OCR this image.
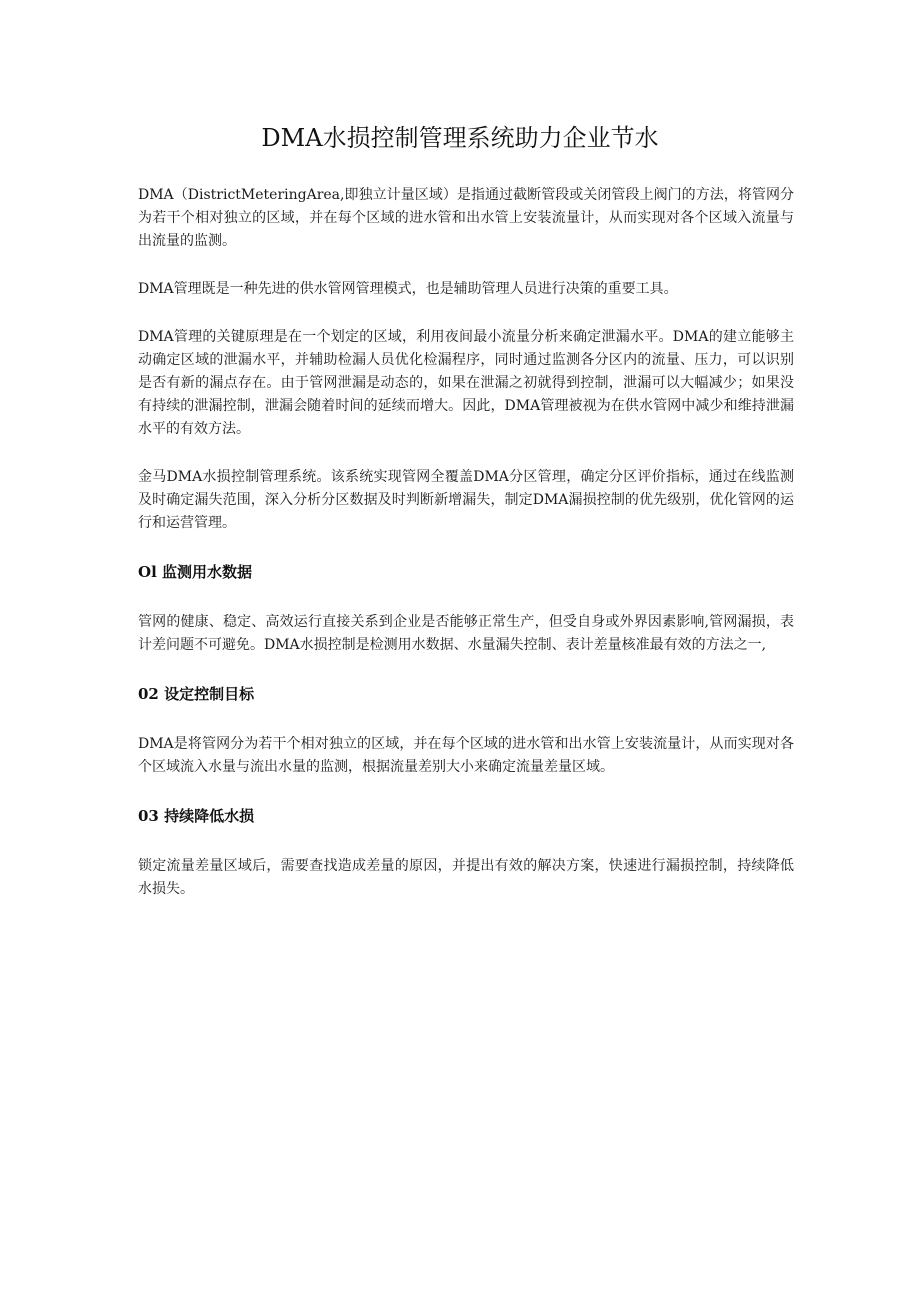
DMA水损控制管理系统助力企业节水

DMA（DistrictMeteringArea,即独立计量区域）是指通过截断管段或关闭管段上阀门的方法，将管网分为若干个相对独立的区域，并在每个区域的进水管和出水管上安装流量计，从而实现对各个区域入流量与出流量的监测。

DMA管理既是一种先进的供水管网管理模式，也是辅助管理人员进行决策的重要工具。

DMA管理的关键原理是在一个划定的区域，利用夜间最小流量分析来确定泄漏水平。DMA的建立能够主动确定区域的泄漏水平，并辅助检漏人员优化检漏程序，同时通过监测各分区内的流量、压力，可以识别是否有新的漏点存在。由于管网泄漏是动态的，如果在泄漏之初就得到控制，泄漏可以大幅减少；如果没有持续的泄漏控制，泄漏会随着时间的延续而增大。因此，DMA管理被视为在供水管网中减少和维持泄漏水平的有效方法。

金马DMA水损控制管理系统。该系统实现管网全覆盖DMA分区管理，确定分区评价指标，通过在线监测及时确定漏失范围，深入分析分区数据及时判断新增漏失，制定DMA漏损控制的优先级别，优化管网的运行和运营管理。

Ol 监测用水数据

管网的健康、稳定、高效运行直接关系到企业是否能够正常生产，但受自身或外界因素影响,管网漏损，表计差问题不可避免。DMA水损控制是检测用水数据、水量漏失控制、表计差量核准最有效的方法之一,

02 设定控制目标

DMA是将管网分为若干个相对独立的区域，并在每个区域的进水管和出水管上安装流量计，从而实现对各个区域流入水量与流出水量的监测，根据流量差别大小来确定流量差量区域。

03 持续降低水损

锁定流量差量区域后，需要查找造成差量的原因，并提出有效的解决方案，快速进行漏损控制，持续降低水损失。
